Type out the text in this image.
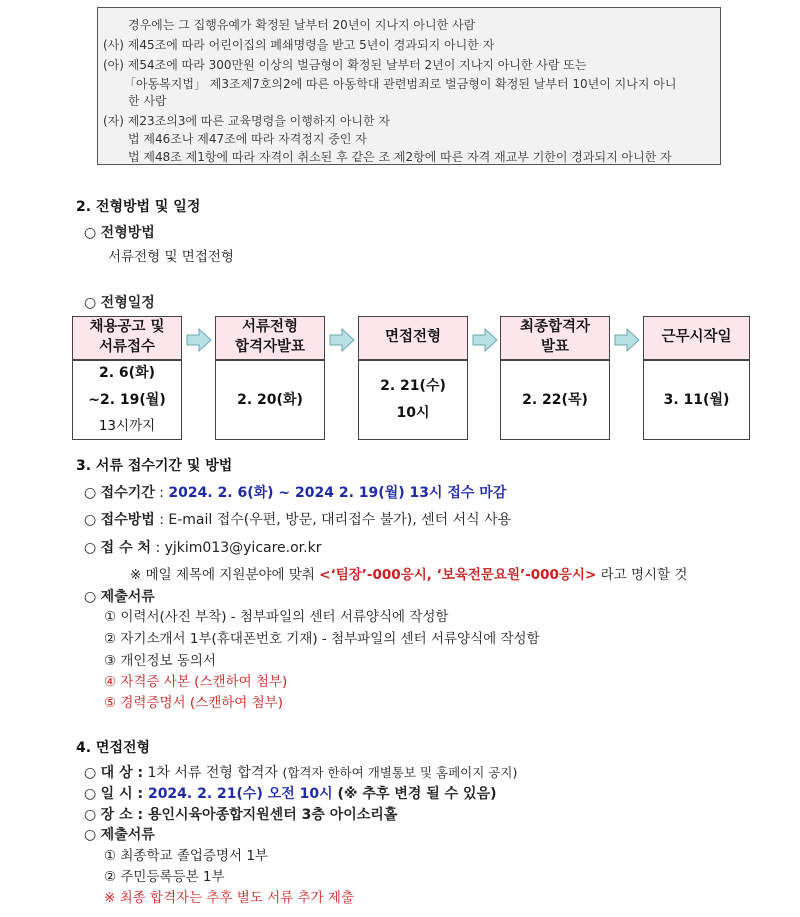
경우에는 그 집행유예가 확정된 날부터 20년이 지나지 아니한 사람
(사) 제45조에 따라 어린이집의 폐쇄명령을 받고 5년이 경과되지 아니한 자
(아) 제54조에 따라 300만원 이상의 벌금형이 확정된 날부터 2년이 지나지 아니한 사람 또는
「아동복지법」 제3조제7호의2에 따른 아동학대 관련범죄로 벌금형이 확정된 날부터 10년이 지나지 아니
한 사람
(자) 제23조의3에 따른 교육명령을 이행하지 아니한 자
법 제46조나 제47조에 따라 자격정지 중인 자
법 제48조 제1항에 따라 자격이 취소된 후 같은 조 제2항에 따른 자격 재교부 기한이 경과되지 아니한 자
2. 전형방법 및 일정
○ 전형방법
서류전형 및 면접전형
○ 전형일정
채용공고 및
서류접수
2. 6(화)
~2. 19(월)
13시까지
서류전형
합격자발표
2. 20(화)
면접전형
2. 21(수)
10시
최종합격자
발표
2. 22(목)
근무시작일
3. 11(월)
3. 서류 접수기간 및 방법
○ 접수기간 : 2024. 2. 6(화) ~ 2024 2. 19(월) 13시 접수 마감
○ 접수방법 : E-mail 접수(우편, 방문, 대리접수 불가), 센터 서식 사용
○ 접 수 처 : yjkim013@yicare.or.kr
※ 메일 제목에 지원분야에 맞춰 <‘팀장’-000응시, ‘보육전문요원’-000응시> 라고 명시할 것
○ 제출서류
① 이력서(사진 부착) - 첨부파일의 센터 서류양식에 작성함
② 자기소개서 1부(휴대폰번호 기재) - 첨부파일의 센터 서류양식에 작성함
③ 개인정보 동의서
④ 자격증 사본 (스캔하여 첨부)
⑤ 경력증명서 (스캔하여 첨부)
4. 면접전형
○ 대 상 : 1차 서류 전형 합격자 (합격자 한하여 개별통보 및 홈페이지 공지)
○ 일 시 : 2024. 2. 21(수) 오전 10시 (※ 추후 변경 될 수 있음)
○ 장 소 : 용인시육아종합지원센터 3층 아이소리홀
○ 제출서류
① 최종학교 졸업증명서 1부
② 주민등록등본 1부
※ 최종 합격자는 추후 별도 서류 추가 제출
